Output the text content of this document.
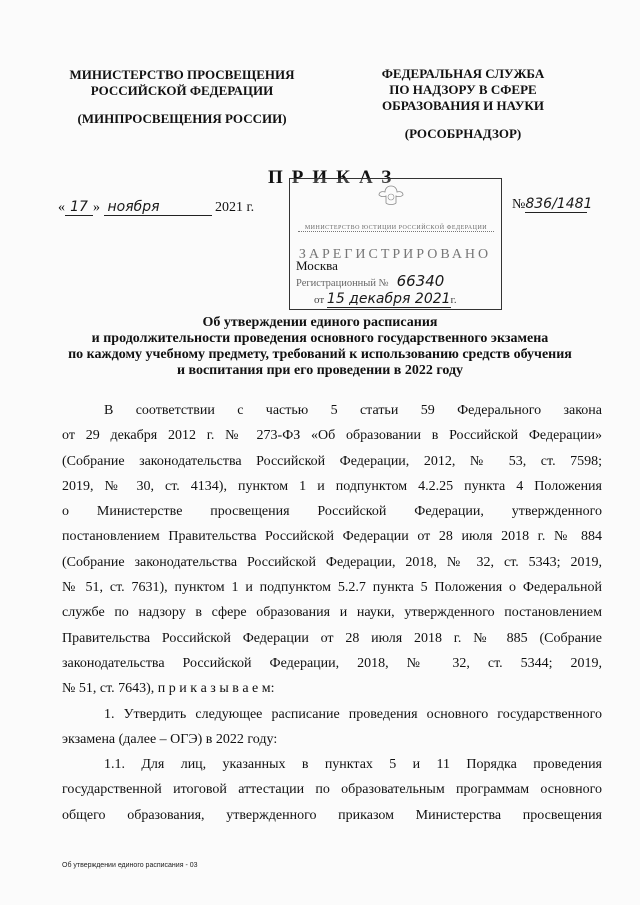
МИНИСТЕРСТВО ПРОСВЕЩЕНИЯ
РОССИЙСКОЙ ФЕДЕРАЦИИ
(МИНПРОСВЕЩЕНИЯ РОССИИ)
ФЕДЕРАЛЬНАЯ СЛУЖБА
ПО НАДЗОРУ В СФЕРЕ
ОБРАЗОВАНИЯ И НАУКИ
(РОСОБРНАДЗОР)
ПРИКАЗ
« 17 » ноября	2021 г.	№836/1481
МИНИСТЕРСТВО ЮСТИЦИИ РОССИЙСКОЙ ФЕДЕРАЦИИ
ЗАРЕГИСТРИРОВАНО
Регистрационный № 66340
от 15 декабря 2021г.
Москва
Об утверждении единого расписания
и продолжительности проведения основного государственного экзамена
по каждому учебному предмету, требований к использованию средств обучения
и воспитания при его проведении в 2022 году
В соответствии с частью 5 статьи 59 Федерального закона
от 29 декабря 2012 г. № 273-ФЗ «Об образовании в Российской Федерации»
(Собрание законодательства Российской Федерации, 2012, № 53, ст. 7598;
2019, № 30, ст. 4134), пунктом 1 и подпунктом 4.2.25 пункта 4 Положения
о Министерстве просвещения Российской Федерации, утвержденного
постановлением Правительства Российской Федерации от 28 июля 2018 г. № 884
(Собрание законодательства Российской Федерации, 2018, № 32, ст. 5343; 2019,
№ 51, ст. 7631), пунктом 1 и подпунктом 5.2.7 пункта 5 Положения о Федеральной
службе по надзору в сфере образования и науки, утвержденного постановлением
Правительства Российской Федерации от 28 июля 2018 г. № 885 (Собрание
законодательства Российской Федерации, 2018, № 32, ст. 5344; 2019,
№ 51, ст. 7643), п р и к а з ы в а е м:
1. Утвердить следующее расписание проведения основного государственного
экзамена (далее – ОГЭ) в 2022 году:
1.1. Для лиц, указанных в пунктах 5 и 11 Порядка проведения
государственной итоговой аттестации по образовательным программам основного
общего образования, утвержденного приказом Министерства просвещения
Об утверждении единого расписания - 03
